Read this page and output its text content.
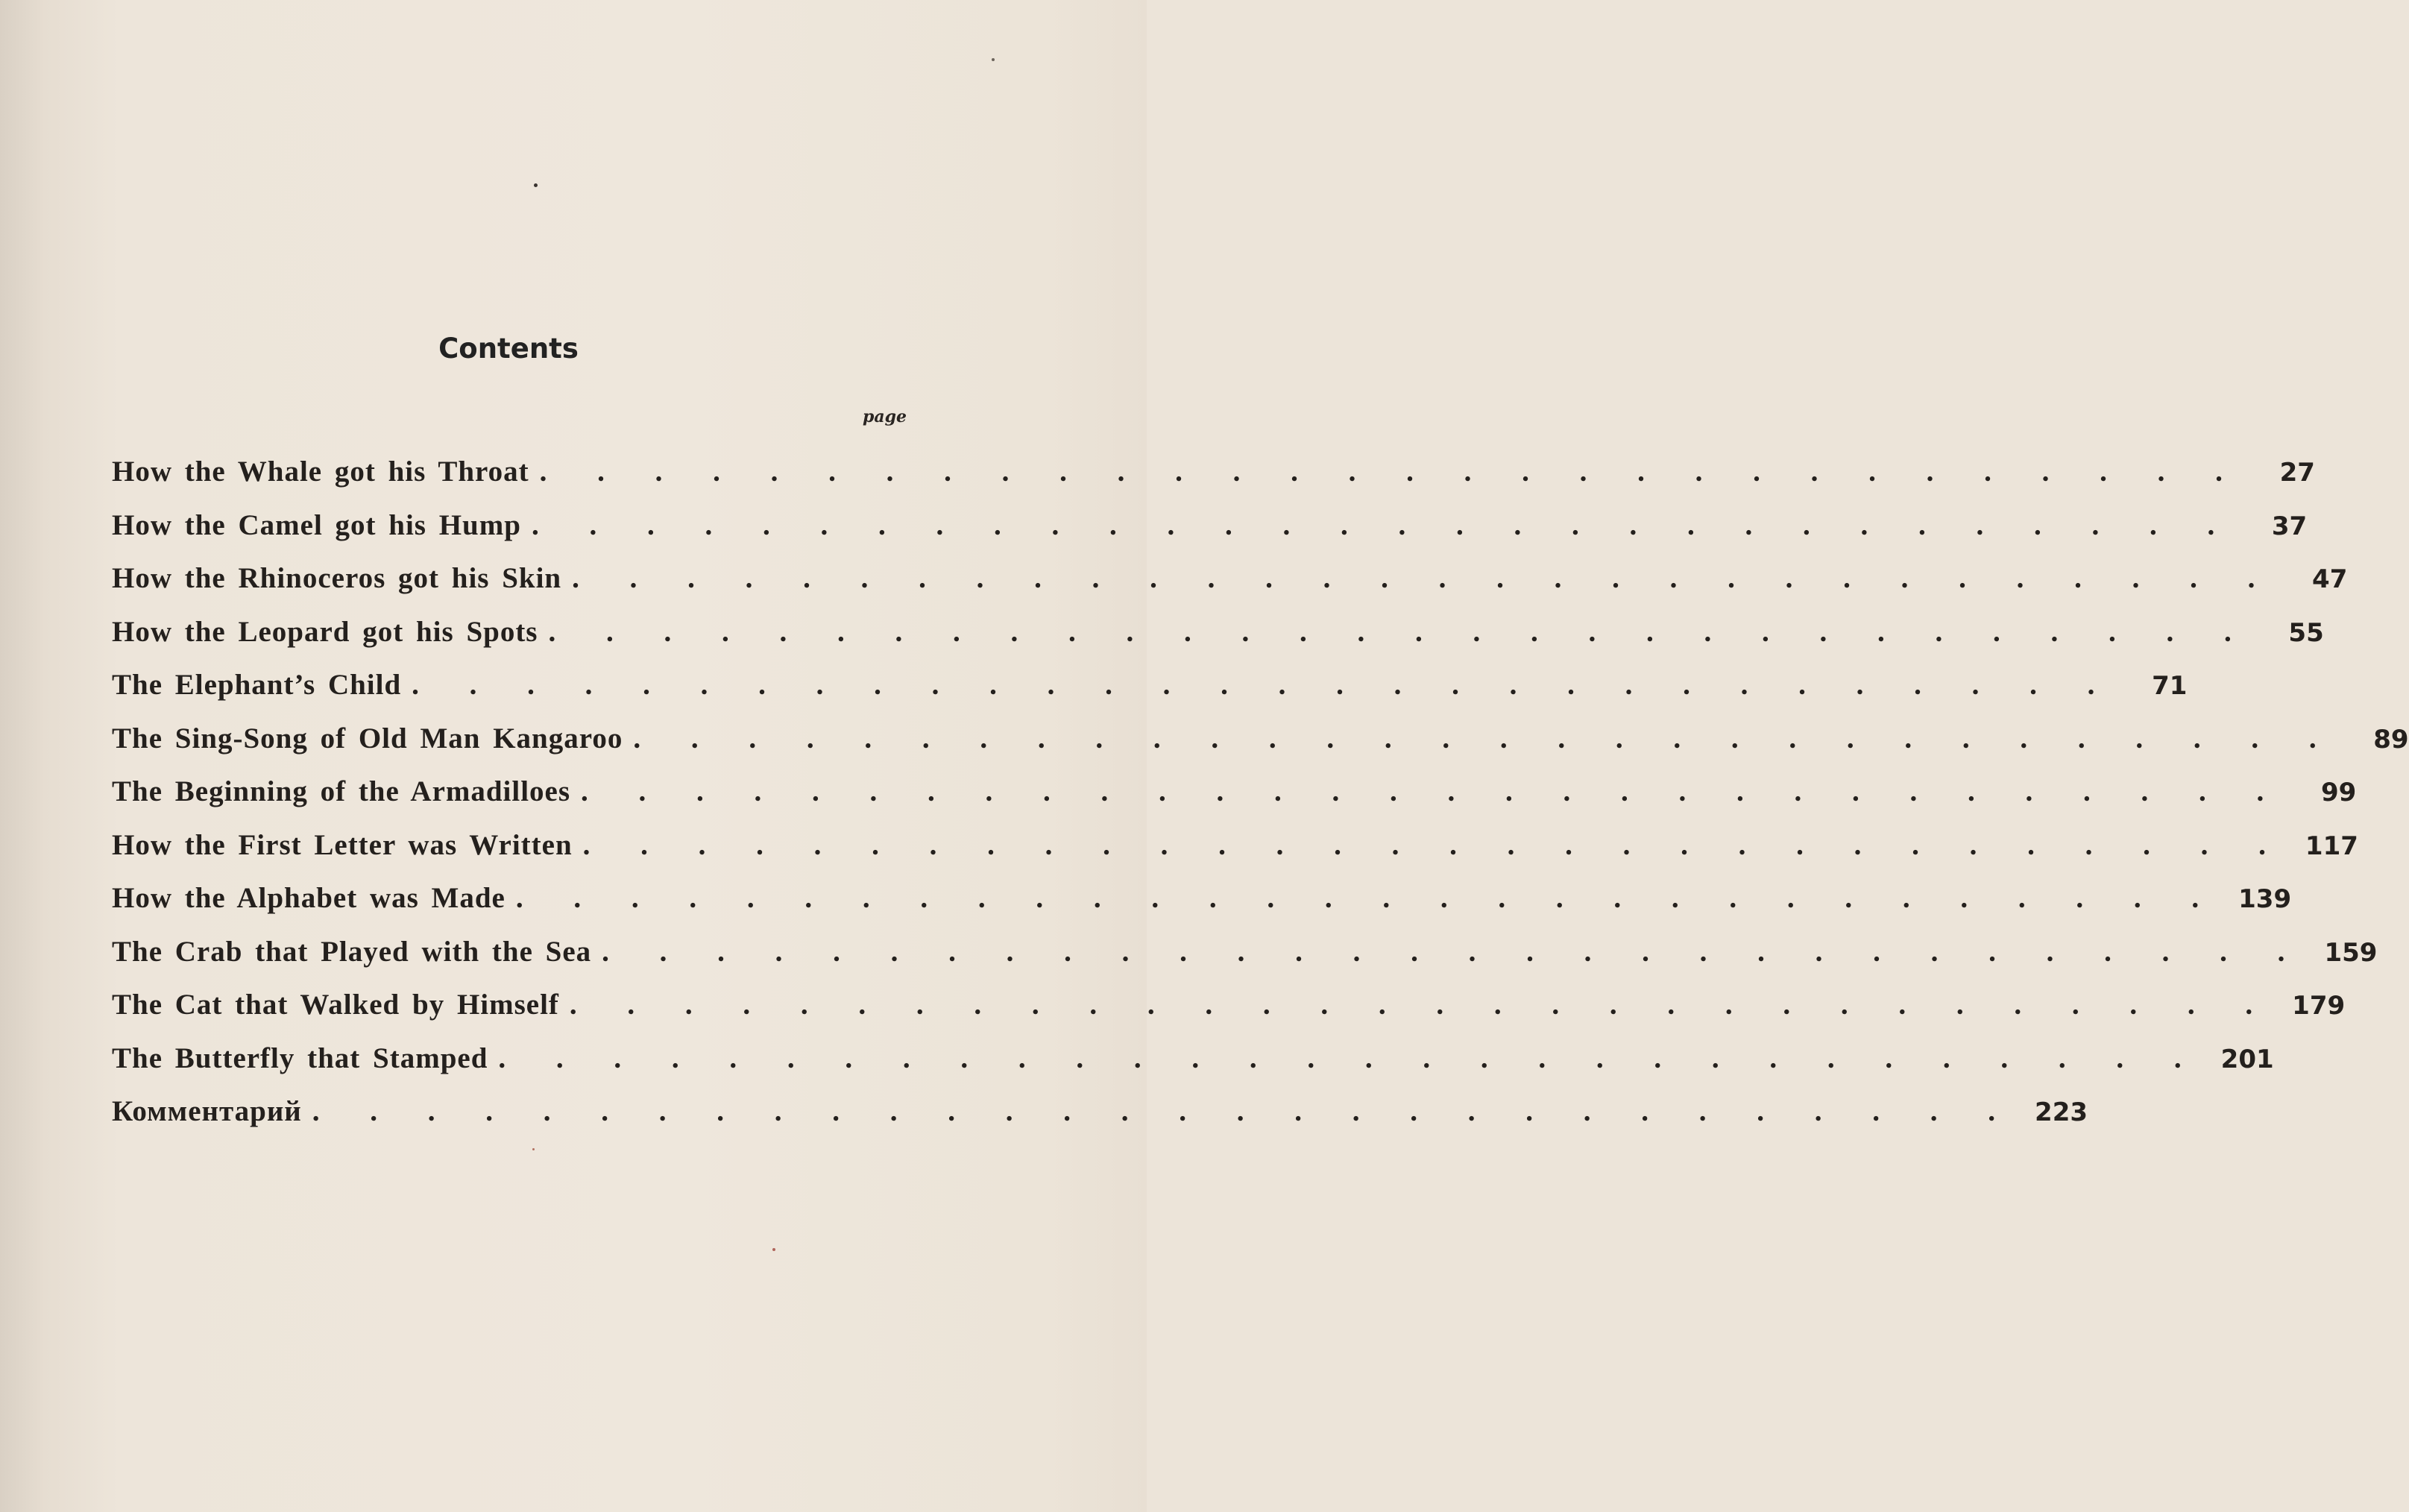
Contents
page
How the Whale got his Throat . . . . . . . . . . . . . . . . . . . . . . . . . . . . . .	27
How the Camel got his Hump . . . . . . . . . . . . . . . . . . . . . . . . . . . . . .	37
How the Rhinoceros got his Skin . . . . . . . . . . . . . . . . . . . . . . . . . . . . . .	47
How the Leopard got his Spots . . . . . . . . . . . . . . . . . . . . . . . . . . . . . .	55
The Elephant’s Child . . . . . . . . . . . . . . . . . . . . . . . . . . . . . .	71
The Sing-Song of Old Man Kangaroo . . . . . . . . . . . . . . . . . . . . . . . . . . . . . .	89
The Beginning of the Armadilloes . . . . . . . . . . . . . . . . . . . . . . . . . . . . . .	99
How the First Letter was Written . . . . . . . . . . . . . . . . . . . . . . . . . . . . . . 117
How the Alphabet was Made . . . . . . . . . . . . . . . . . . . . . . . . . . . . . . 139
The Crab that Played with the Sea . . . . . . . . . . . . . . . . . . . . . . . . . . . . . . 159
The Cat that Walked by Himself . . . . . . . . . . . . . . . . . . . . . . . . . . . . . . 179
The Butterfly that Stamped . . . . . . . . . . . . . . . . . . . . . . . . . . . . . . 201
Комментарий . . . . . . . . . . . . . . . . . . . . . . . . . . . . . . 223
